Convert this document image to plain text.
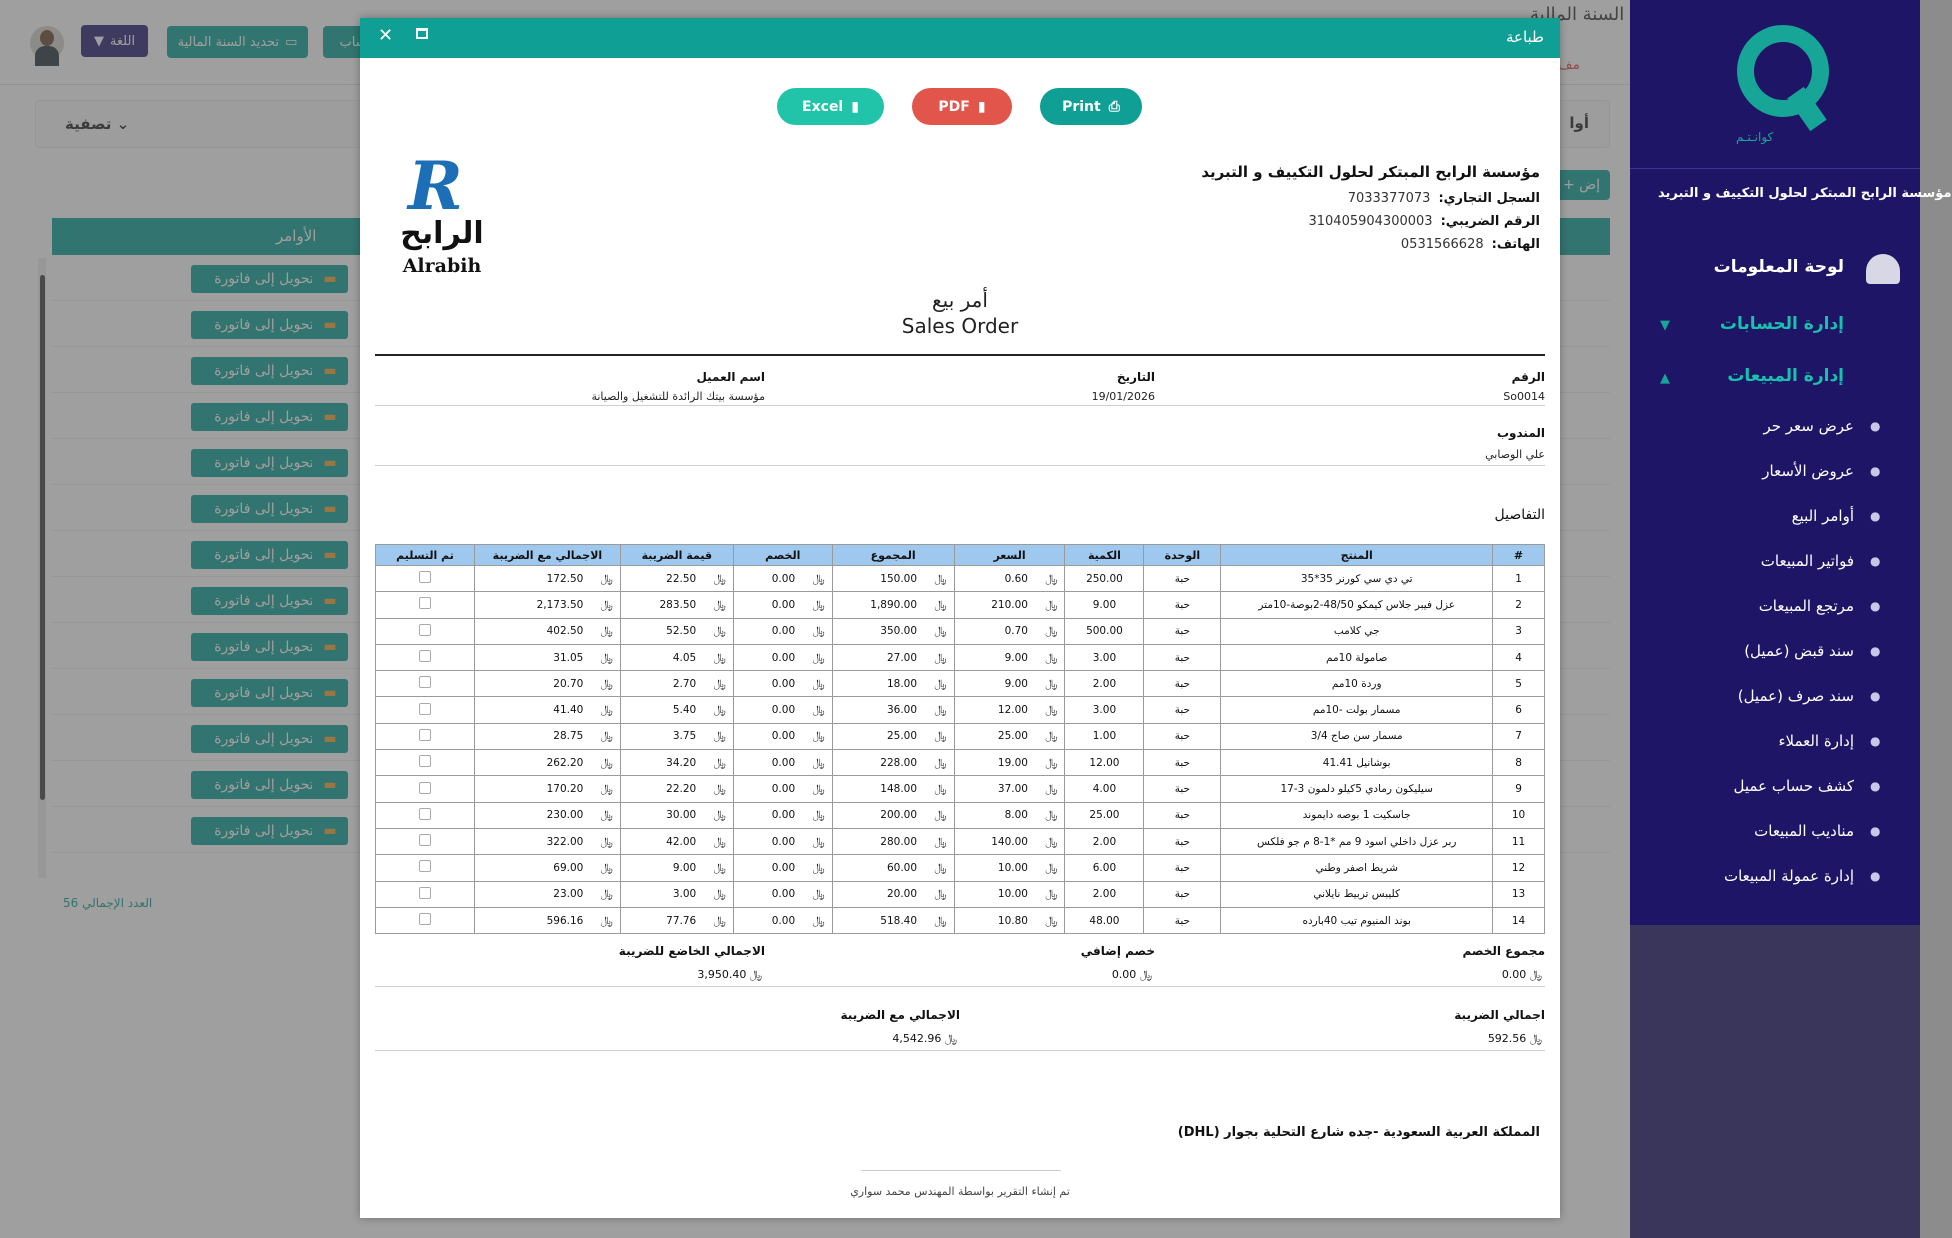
كوانـتـم
مؤسسة الرابح المبتكر لحلول التكييف و التبريد
لوحة المعلومات
▼	إدارة الحسابات
▲	إدارة المبيعات
●
عرض سعر حر
●
عروض الأسعار
●
أوامر البيع
●
فواتير المبيعات
●
مرتجع المبيعات
●
سند قبض (عميل)
●
سند صرف (عميل)
●
إدارة العملاء
●
كشف حساب عميل
●
مناديب المبيعات
●
إدارة عمولة المبيعات
طباعة
✕
Excel ▮	PDF ▮	Print ⎙
R
الرابح
Alrabih
مؤسسة الرابح المبتكر لحلول التكييف و التبريد
السجل التجاري:7033377073
الرقم الضريبي:310405904300003
الهاتف:0531566628
أمر بيع
Sales Order
الرقم
So0014
التاريخ
19/01/2026
اسم العميل
مؤسسة بيتك الرائدة للتشغيل والصيانة
المندوب
علي الوصابي
التفاصيل
#	المنتج	الوحدة	الكمية	السعر	المجموع	الخصم	قيمة الضريبة	الاجمالي مع الضريبة	تم التسليم
1	تي دي سي كورنر 35*35	حبة	250.00	﷼ 0.60	﷼ 150.00	﷼ 0.00	﷼ 22.50	﷼ 172.50	
2	عزل فيبر جلاس كيمكو 48/50-2بوصة-10متر	حبة	9.00	﷼ 210.00	﷼ 1,890.00	﷼ 0.00	﷼ 283.50	﷼ 2,173.50	
3	جي كلامب	حبة	500.00	﷼ 0.70	﷼ 350.00	﷼ 0.00	﷼ 52.50	﷼ 402.50	
4	صامولة 10مم	حبة	3.00	﷼ 9.00	﷼ 27.00	﷼ 0.00	﷼ 4.05	﷼ 31.05	
5	وردة 10مم	حبة	2.00	﷼ 9.00	﷼ 18.00	﷼ 0.00	﷼ 2.70	﷼ 20.70	
6	مسمار بولت -10مم	حبة	3.00	﷼ 12.00	﷼ 36.00	﷼ 0.00	﷼ 5.40	﷼ 41.40	
7	مسمار سن صاج 3/4	حبة	1.00	﷼ 25.00	﷼ 25.00	﷼ 0.00	﷼ 3.75	﷼ 28.75	
8	بوشانيل 41.41	حبة	12.00	﷼ 19.00	﷼ 228.00	﷼ 0.00	﷼ 34.20	﷼ 262.20	
9	سيليكون رمادي 5كيلو دلمون 3-17	حبة	4.00	﷼ 37.00	﷼ 148.00	﷼ 0.00	﷼ 22.20	﷼ 170.20	
10	جاسكيت 1 بوصه دايموند	حبة	25.00	﷼ 8.00	﷼ 200.00	﷼ 0.00	﷼ 30.00	﷼ 230.00	
11	ربر عزل داخلي اسود 9 مم *1-8 م جو فلكس	حبة	2.00	﷼ 140.00	﷼ 280.00	﷼ 0.00	﷼ 42.00	﷼ 322.00	
12	شريط اصفر وطني	حبة	6.00	﷼ 10.00	﷼ 60.00	﷼ 0.00	﷼ 9.00	﷼ 69.00	
13	كليبس تربيط نايلاني	حبة	2.00	﷼ 10.00	﷼ 20.00	﷼ 0.00	﷼ 3.00	﷼ 23.00	
14	بوند المنيوم تيب 40بارده	حبة	48.00	﷼ 10.80	﷼ 518.40	﷼ 0.00	﷼ 77.76	﷼ 596.16	
مجموع الخصم
﷼ 0.00
خصم إضافي
﷼ 0.00
الاجمالي الخاضع للضريبة
﷼ 3,950.40
اجمالي الضريبة
﷼ 592.56
الاجمالي مع الضريبة
﷼ 4,542.96
المملكة العربية السعودية -جده شارع التحلية بجوار (DHL)
تم إنشاء التقرير بواسطة المهندس محمد سواري
